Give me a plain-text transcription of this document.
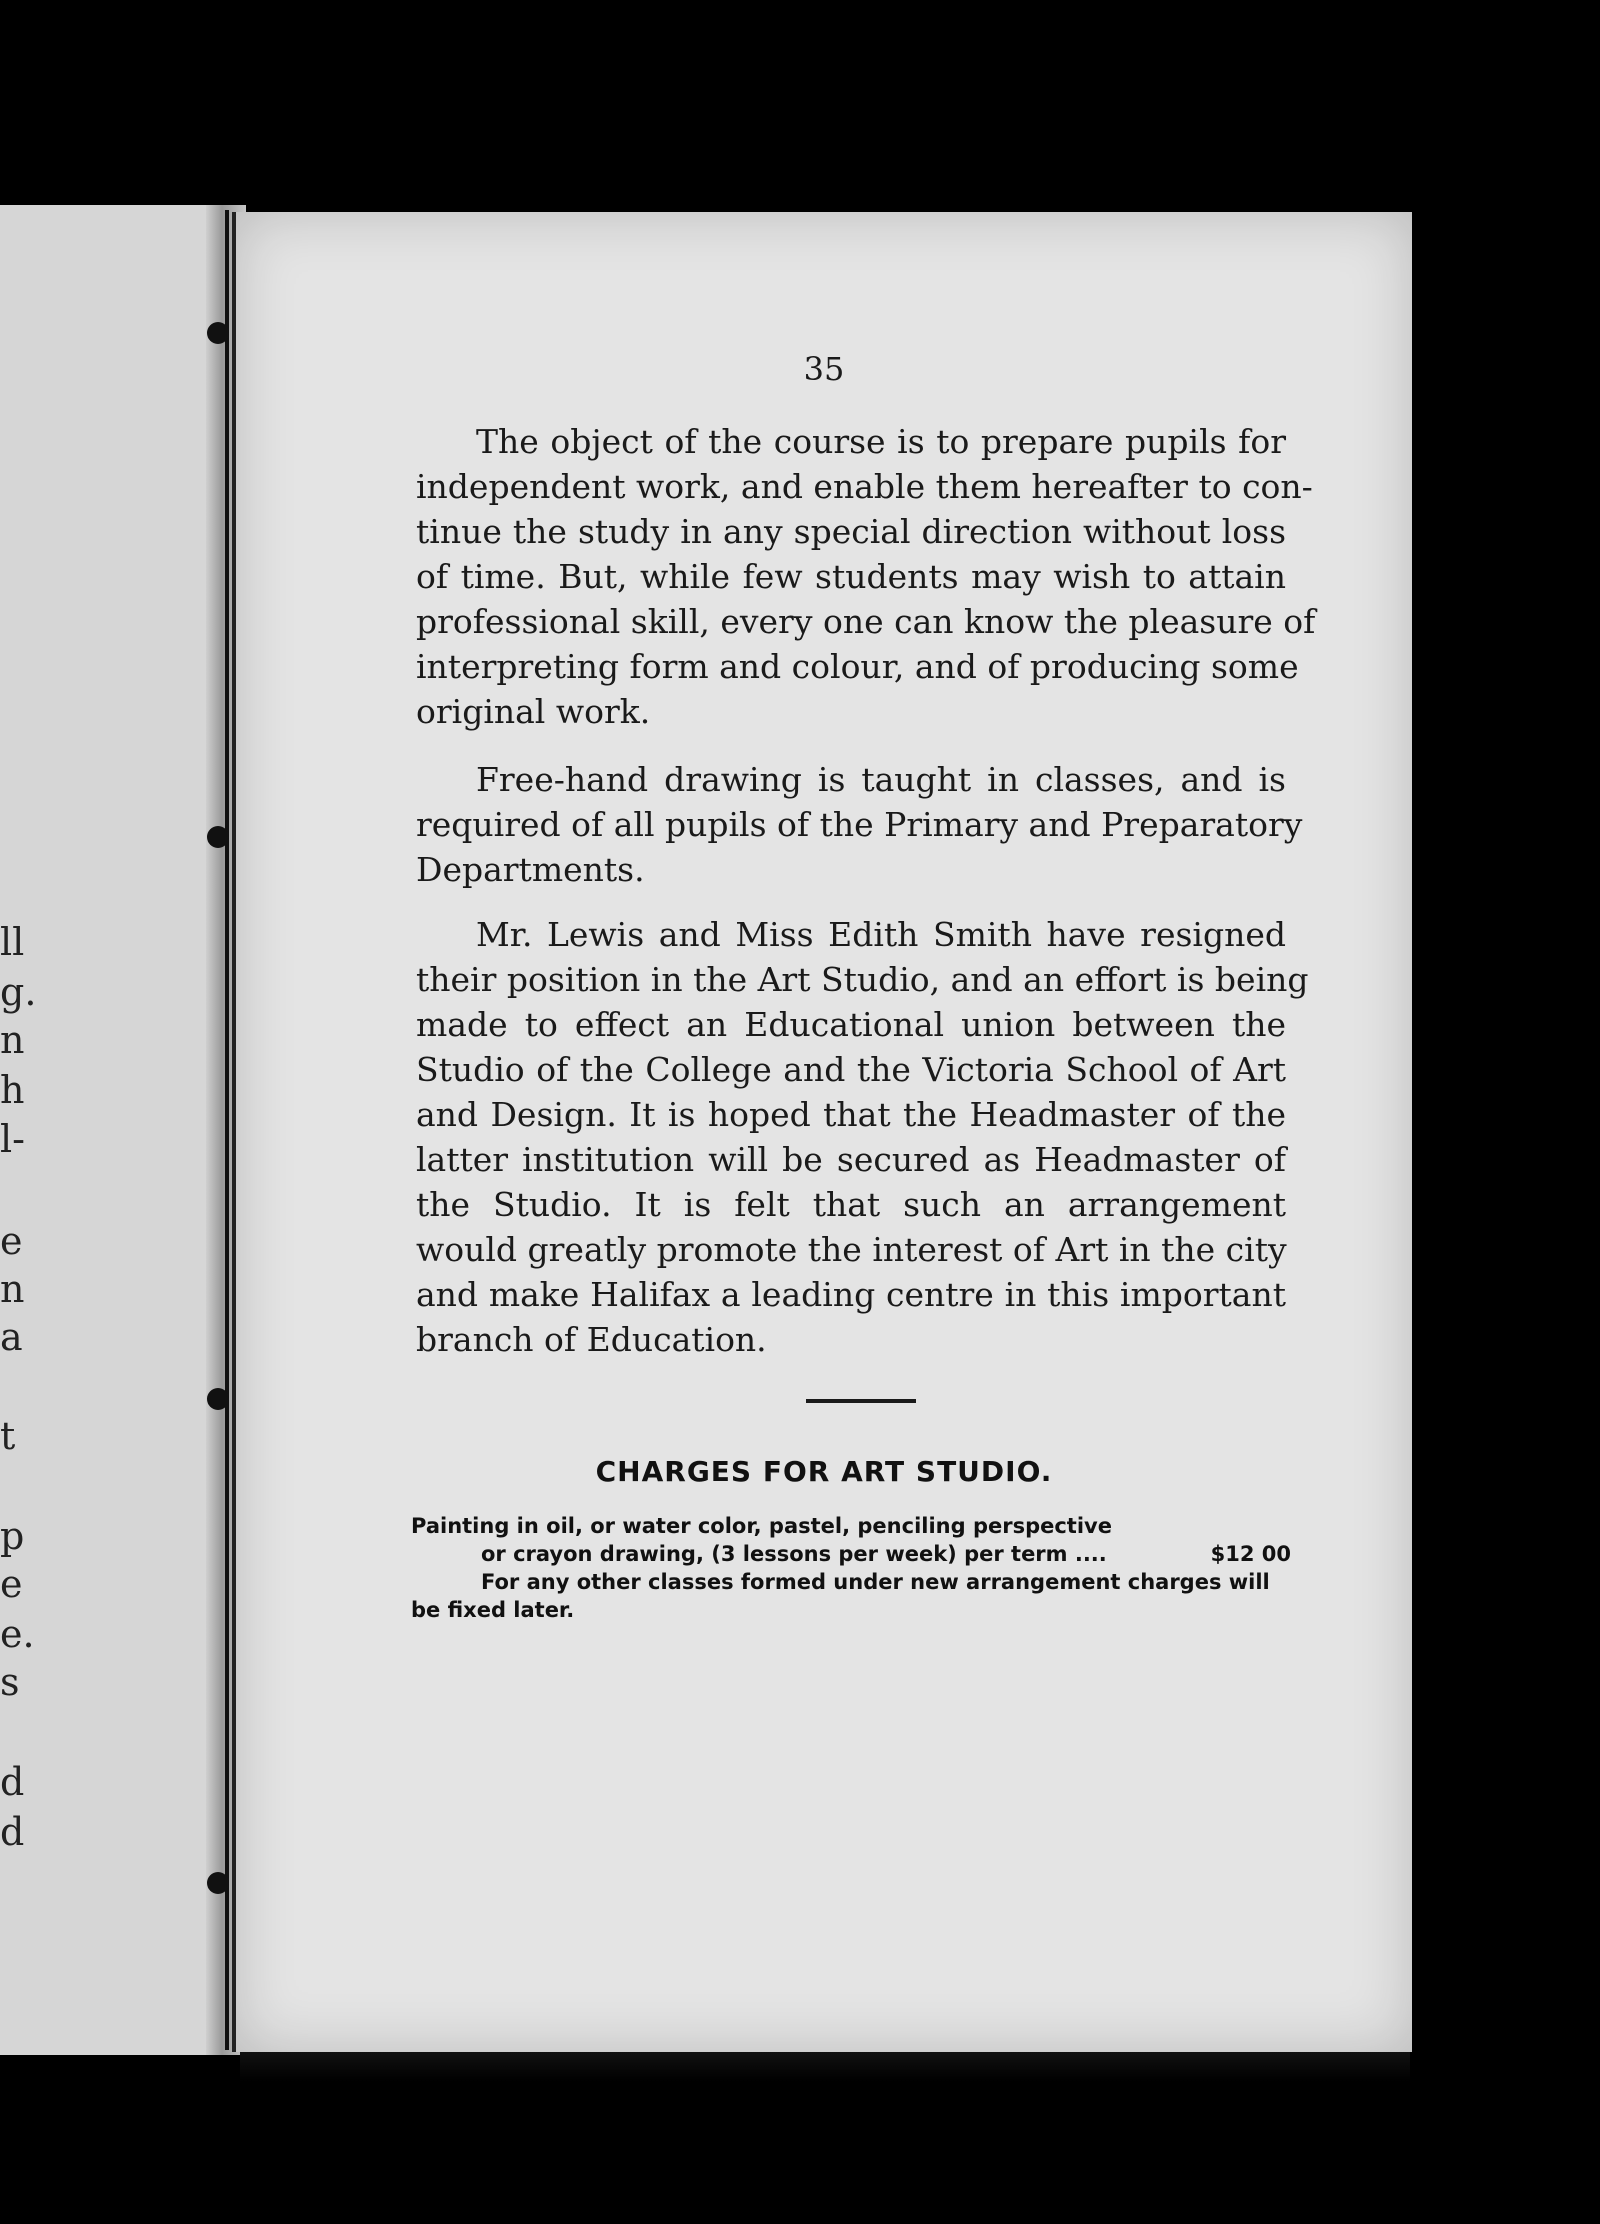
ll
g.
n
h
l-
e
n
a
t
p
e
e.
s
d
d
35

The object of the course is to prepare pupils for
independent work, and enable them hereafter to con-
tinue the study in any special direction without loss
of time. But, while few students may wish to attain
professional skill, every one can know the pleasure of
interpreting form and colour, and of producing some
original work.

Free-hand drawing is taught in classes, and is
required of all pupils of the Primary and Preparatory
Departments.

Mr. Lewis and Miss Edith Smith have resigned
their position in the Art Studio, and an effort is being
made to effect an Educational union between the
Studio of the College and the Victoria School of Art
and Design. It is hoped that the Headmaster of the
latter institution will be secured as Headmaster of
the Studio. It is felt that such an arrangement
would greatly promote the interest of Art in the city
and make Halifax a leading centre in this important
branch of Education.

CHARGES FOR ART STUDIO.
Painting in oil, or water color, pastel, penciling perspective
or crayon drawing, (3 lessons per week) per term ....	$12 00
For any other classes formed under new arrangement charges will
be fixed later.
